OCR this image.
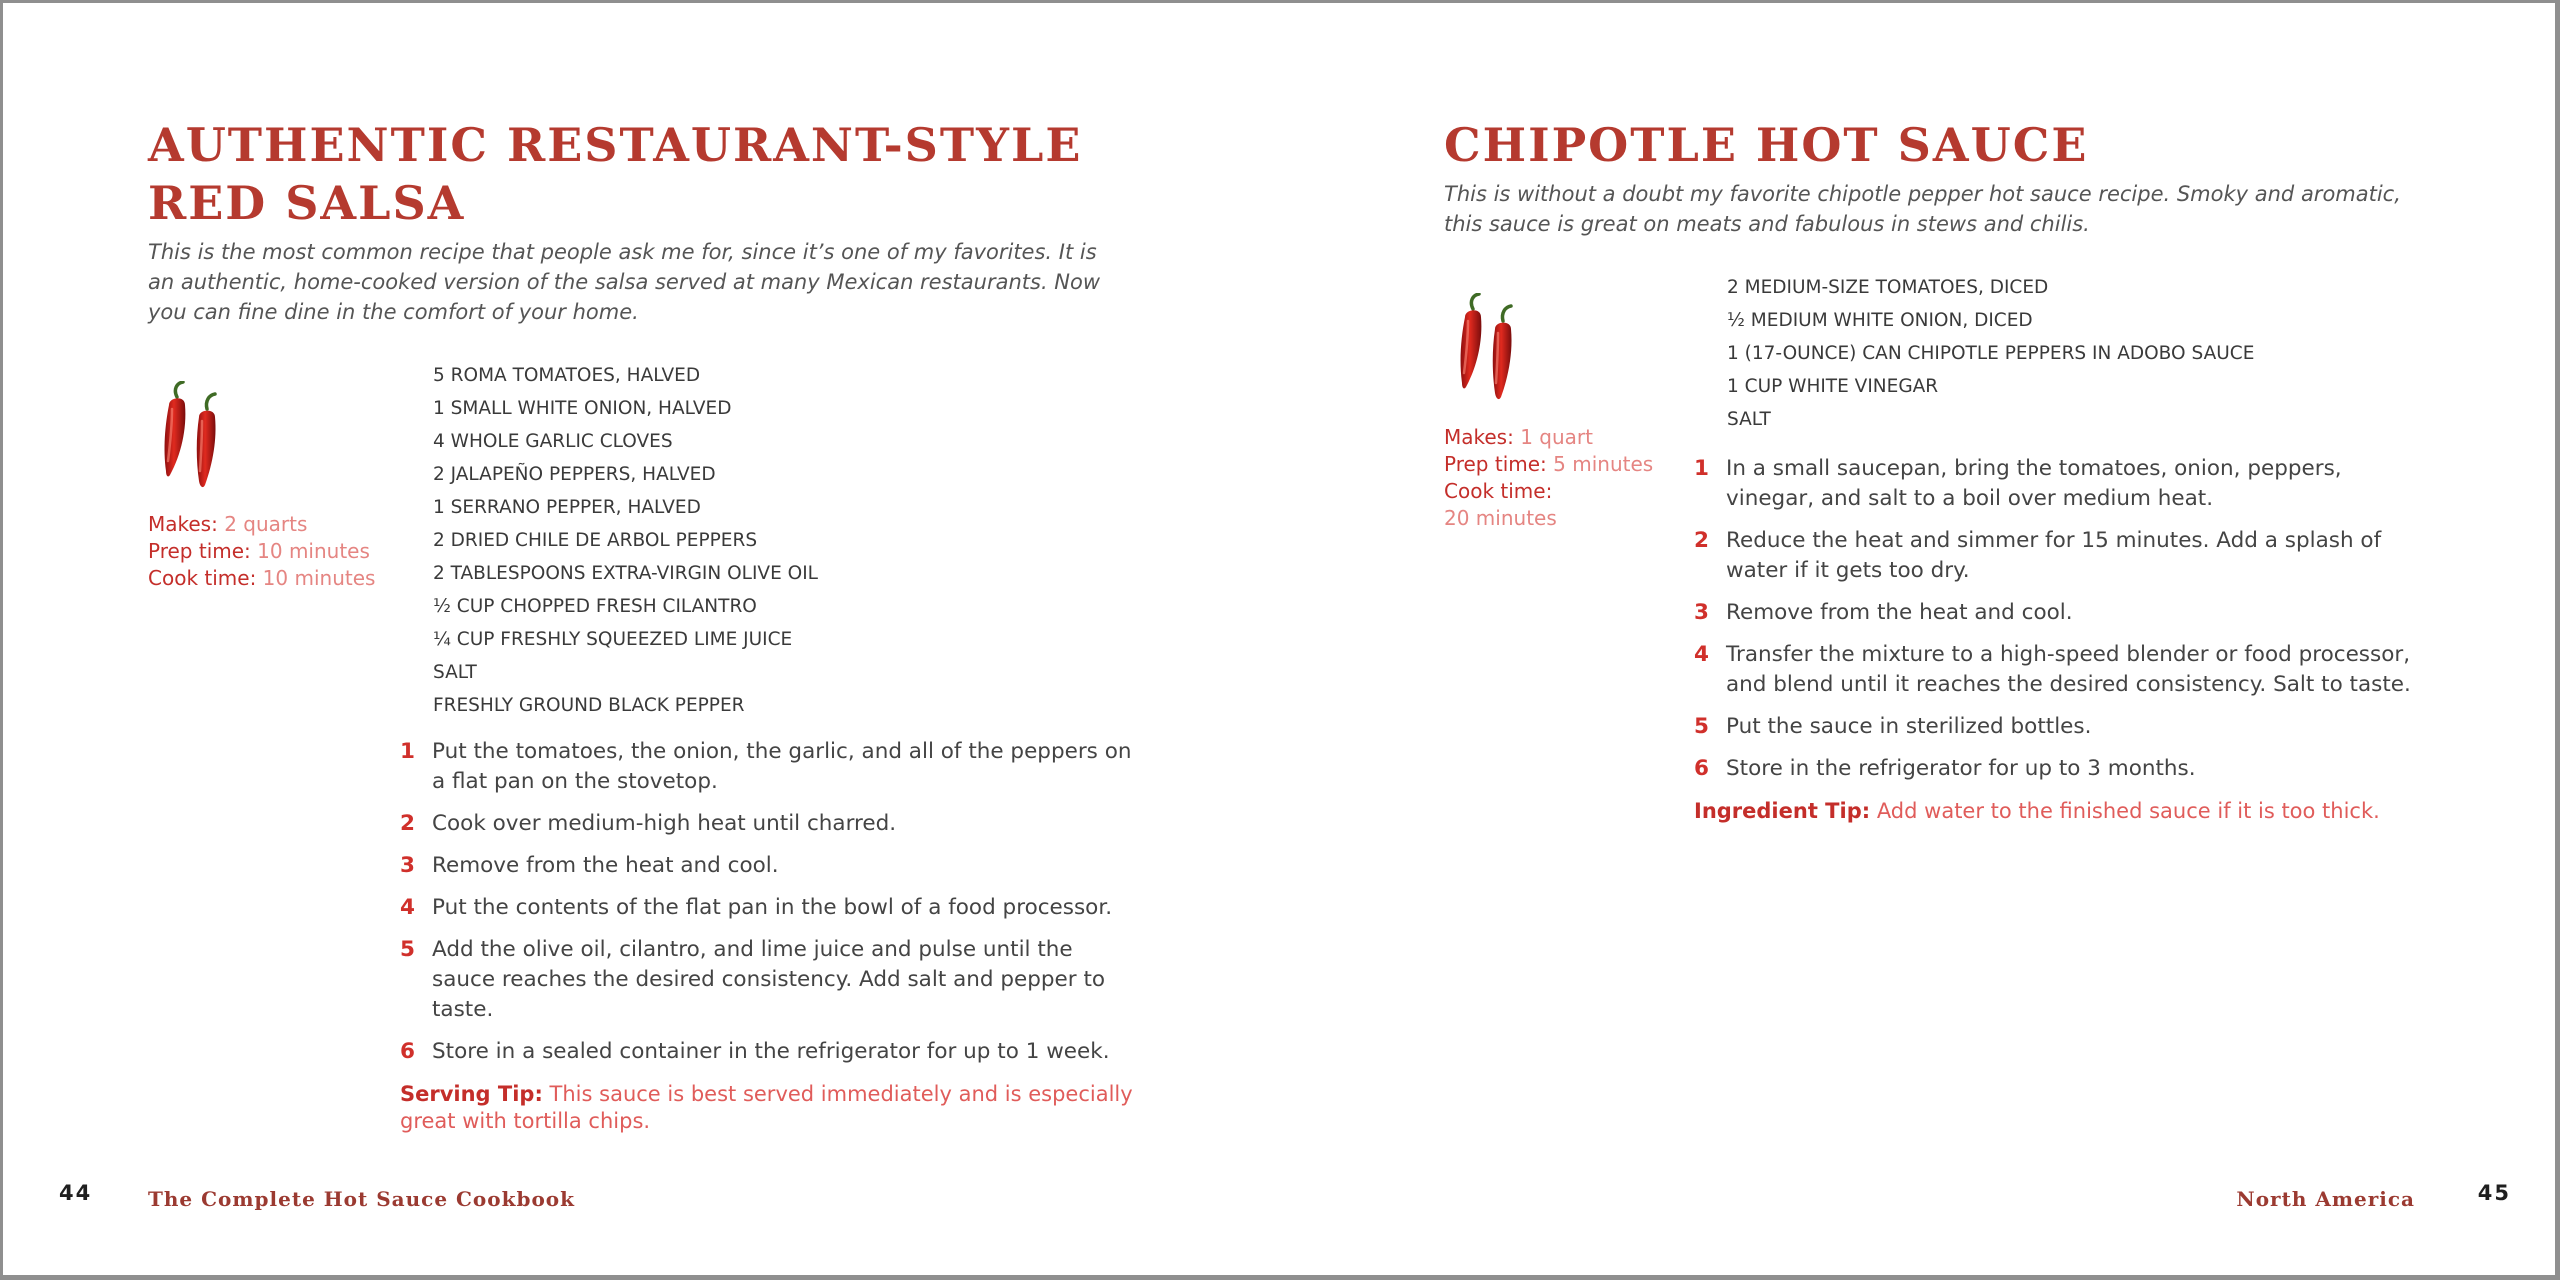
AUTHENTIC RESTAURANT-STYLE
RED SALSA

This is the most common recipe that people ask me for, since it’s one of my favorites. It is an authentic, home-cooked version of the salsa served at many Mexican restaurants. Now you can fine dine in the comfort of your home.

Makes: 2 quarts
Prep time: 10 minutes
Cook time: 10 minutes
5 ROMA TOMATOES, HALVED
1 SMALL WHITE ONION, HALVED
4 WHOLE GARLIC CLOVES
2 JALAPEÑO PEPPERS, HALVED
1 SERRANO PEPPER, HALVED
2 DRIED CHILE DE ARBOL PEPPERS
2 TABLESPOONS EXTRA-VIRGIN OLIVE OIL
½ CUP CHOPPED FRESH CILANTRO
¼ CUP FRESHLY SQUEEZED LIME JUICE
SALT
FRESHLY GROUND BLACK PEPPER
1 Put the tomatoes, the onion, the garlic, and all of the peppers on a flat pan on the stovetop.
2 Cook over medium-high heat until charred.
3 Remove from the heat and cool.
4 Put the contents of the flat pan in the bowl of a food processor.
5 Add the olive oil, cilantro, and lime juice and pulse until the sauce reaches the desired consistency. Add salt and pepper to taste.
6 Store in a sealed container in the refrigerator for up to 1 week.
Serving Tip: This sauce is best served immediately and is especially great with tortilla chips.
44	The Complete Hot Sauce Cookbook
CHIPOTLE HOT SAUCE

This is without a doubt my favorite chipotle pepper hot sauce recipe. Smoky and aromatic, this sauce is great on meats and fabulous in stews and chilis.

Makes: 1 quart
Prep time: 5 minutes
Cook time:
20 minutes
2 MEDIUM-SIZE TOMATOES, DICED
½ MEDIUM WHITE ONION, DICED
1 (17-OUNCE) CAN CHIPOTLE PEPPERS IN ADOBO SAUCE
1 CUP WHITE VINEGAR
SALT
1 In a small saucepan, bring the tomatoes, onion, peppers, vinegar, and salt to a boil over medium heat.
2 Reduce the heat and simmer for 15 minutes. Add a splash of water if it gets too dry.
3 Remove from the heat and cool.
4 Transfer the mixture to a high-speed blender or food processor, and blend until it reaches the desired consistency. Salt to taste.
5 Put the sauce in sterilized bottles.
6 Store in the refrigerator for up to 3 months.
Ingredient Tip: Add water to the finished sauce if it is too thick.
North America	45
